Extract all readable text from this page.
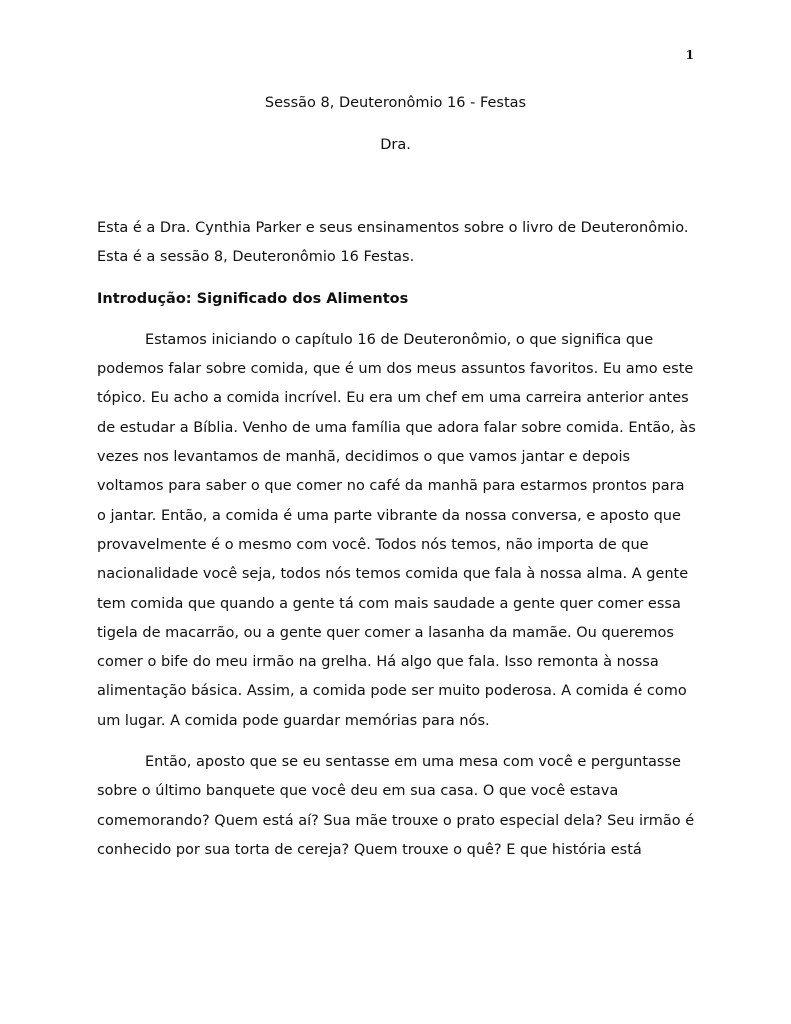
1
Sessão 8, Deuteronômio 16 - Festas
Dra.

Esta é a Dra. Cynthia Parker e seus ensinamentos sobre o livro de Deuteronômio. Esta é a sessão 8, Deuteronômio 16 Festas.

Introdução: Significado dos Alimentos

Estamos iniciando o capítulo 16 de Deuteronômio, o que significa que podemos falar sobre comida, que é um dos meus assuntos favoritos. Eu amo este tópico. Eu acho a comida incrível. Eu era um chef em uma carreira anterior antes de estudar a Bíblia. Venho de uma família que adora falar sobre comida. Então, às vezes nos levantamos de manhã, decidimos o que vamos jantar e depois voltamos para saber o que comer no café da manhã para estarmos prontos para o jantar. Então, a comida é uma parte vibrante da nossa conversa, e aposto que provavelmente é o mesmo com você. Todos nós temos, não importa de que nacionalidade você seja, todos nós temos comida que fala à nossa alma. A gente tem comida que quando a gente tá com mais saudade a gente quer comer essa tigela de macarrão, ou a gente quer comer a lasanha da mamãe. Ou queremos comer o bife do meu irmão na grelha. Há algo que fala. Isso remonta à nossa alimentação básica. Assim, a comida pode ser muito poderosa. A comida é como um lugar. A comida pode guardar memórias para nós.

Então, aposto que se eu sentasse em uma mesa com você e perguntasse sobre o último banquete que você deu em sua casa. O que você estava comemorando? Quem está aí? Sua mãe trouxe o prato especial dela? Seu irmão é conhecido por sua torta de cereja? Quem trouxe o quê? E que história está
